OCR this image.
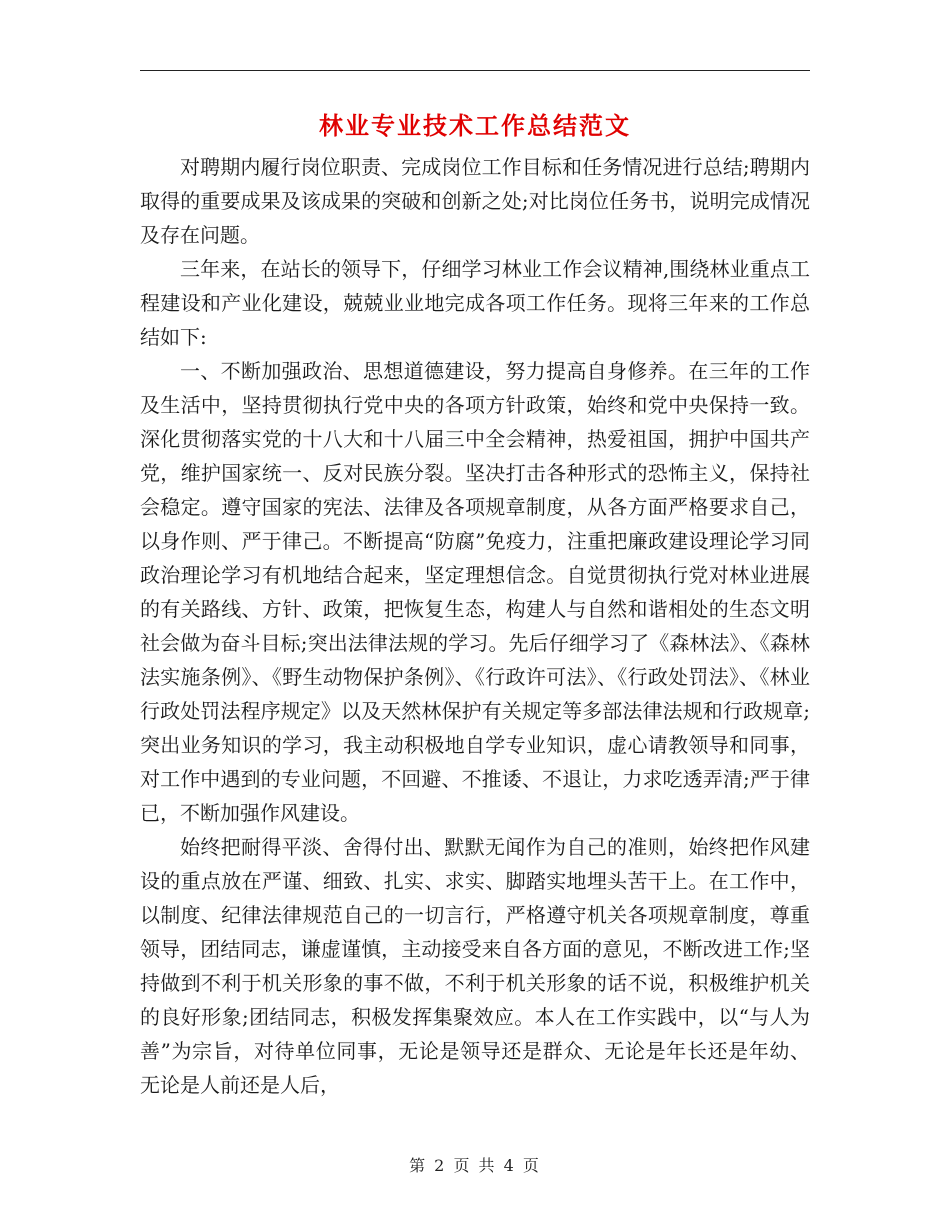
林业专业技术工作总结范文

对聘期内履行岗位职责、完成岗位工作目标和任务情况进行总结;聘期内取得的重要成果及该成果的突破和创新之处;对比岗位任务书，说明完成情况及存在问题。

三年来，在站长的领导下，仔细学习林业工作会议精神,围绕林业重点工程建设和产业化建设，兢兢业业地完成各项工作任务。现将三年来的工作总结如下:

一、不断加强政治、思想道德建设，努力提高自身修养。在三年的工作及生活中，坚持贯彻执行党中央的各项方针政策，始终和党中央保持一致。深化贯彻落实党的十八大和十八届三中全会精神，热爱祖国，拥护中国共产党，维护国家统一、反对民族分裂。坚决打击各种形式的恐怖主义，保持社会稳定。遵守国家的宪法、法律及各项规章制度，从各方面严格要求自己，以身作则、严于律己。不断提高“防腐”免疫力，注重把廉政建设理论学习同政治理论学习有机地结合起来，坚定理想信念。自觉贯彻执行党对林业进展的有关路线、方针、政策，把恢复生态，构建人与自然和谐相处的生态文明社会做为奋斗目标;突出法律法规的学习。先后仔细学习了《森林法》、《森林法实施条例》、《野生动物保护条例》、《行政许可法》、《行政处罚法》、《林业行政处罚法程序规定》以及天然林保护有关规定等多部法律法规和行政规章;突出业务知识的学习，我主动积极地自学专业知识，虚心请教领导和同事，对工作中遇到的专业问题，不回避、不推诿、不退让，力求吃透弄清;严于律已，不断加强作风建设。

始终把耐得平淡、舍得付出、默默无闻作为自己的准则，始终把作风建设的重点放在严谨、细致、扎实、求实、脚踏实地埋头苦干上。在工作中，以制度、纪律法律规范自己的一切言行，严格遵守机关各项规章制度，尊重领导，团结同志，谦虚谨慎，主动接受来自各方面的意见，不断改进工作;坚持做到不利于机关形象的事不做，不利于机关形象的话不说，积极维护机关的良好形象;团结同志，积极发挥集聚效应。本人在工作实践中，以“与人为善”为宗旨，对待单位同事，无论是领导还是群众、无论是年长还是年幼、无论是人前还是人后，

第 2 页 共 4 页
